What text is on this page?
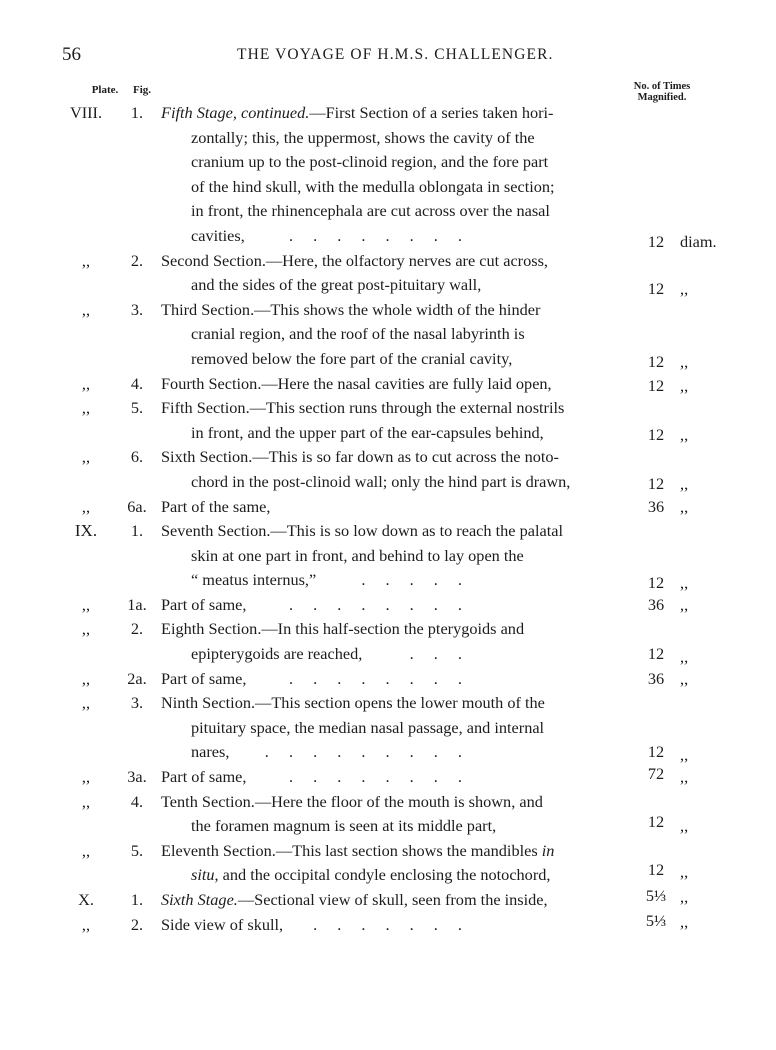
56	THE VOYAGE OF H.M.S. CHALLENGER.
Plate.	Fig.	No. of Times
Magnified.
VIII.	1.	Fifth Stage, continued.—First Section of a series taken hori-
zontally; this, the uppermost, shows the cavity of the
cranium up to the post-clinoid region, and the fore part
of the hind skull, with the medulla oblongata in section;
in front, the rhinencephala are cut across over the nasal
cavities, . . .	12 diam.
,,	2.	Second Section.—Here, the olfactory nerves are cut across,
and the sides of the great post-pituitary wall,	12 ,,
,,	3.	Third Section.—This shows the whole width of the hinder
cranial region, and the roof of the nasal labyrinth is
removed below the fore part of the cranial cavity,	12 ,,
,,	4.	Fourth Section.—Here the nasal cavities are fully laid open,	12 ,,
,,	5.	Fifth Section.—This section runs through the external nostrils
in front, and the upper part of the ear-capsules behind,	12 ,,
,,	6.	Sixth Section.—This is so far down as to cut across the noto-
chord in the post-clinoid wall; only the hind part is drawn,	12 ,,
,,	6a. Part of the same,	36 ,,
IX.	1.	Seventh Section.—This is so low down as to reach the palatal
skin at one part in front, and behind to lay open the
“ meatus internus,” . . .	12 ,,
,,	1a. Part of same, . . .	36 ,,
,,	2.	Eighth Section.—In this half-section the pterygoids and
epipterygoids are reached, . . .	12 ,,
,,	2a. Part of same, . . .	36 ,,
,,	3.	Ninth Section.—This section opens the lower mouth of the
pituitary space, the median nasal passage, and internal
nares, . . .	12 ,,
,,	3a. Part of same, . . .	72 ,,
,,	4.	Tenth Section.—Here the floor of the mouth is shown, and
the foramen magnum is seen at its middle part,	12 ,,
,,	5.	Eleventh Section.—This last section shows the mandibles in
situ, and the occipital condyle enclosing the notochord,	12 ,,
X.	1.	Sixth Stage.—Sectional view of skull, seen from the inside,	5⅓ ,,
,,	2.	Side view of skull, . . .	5⅓ ,,
